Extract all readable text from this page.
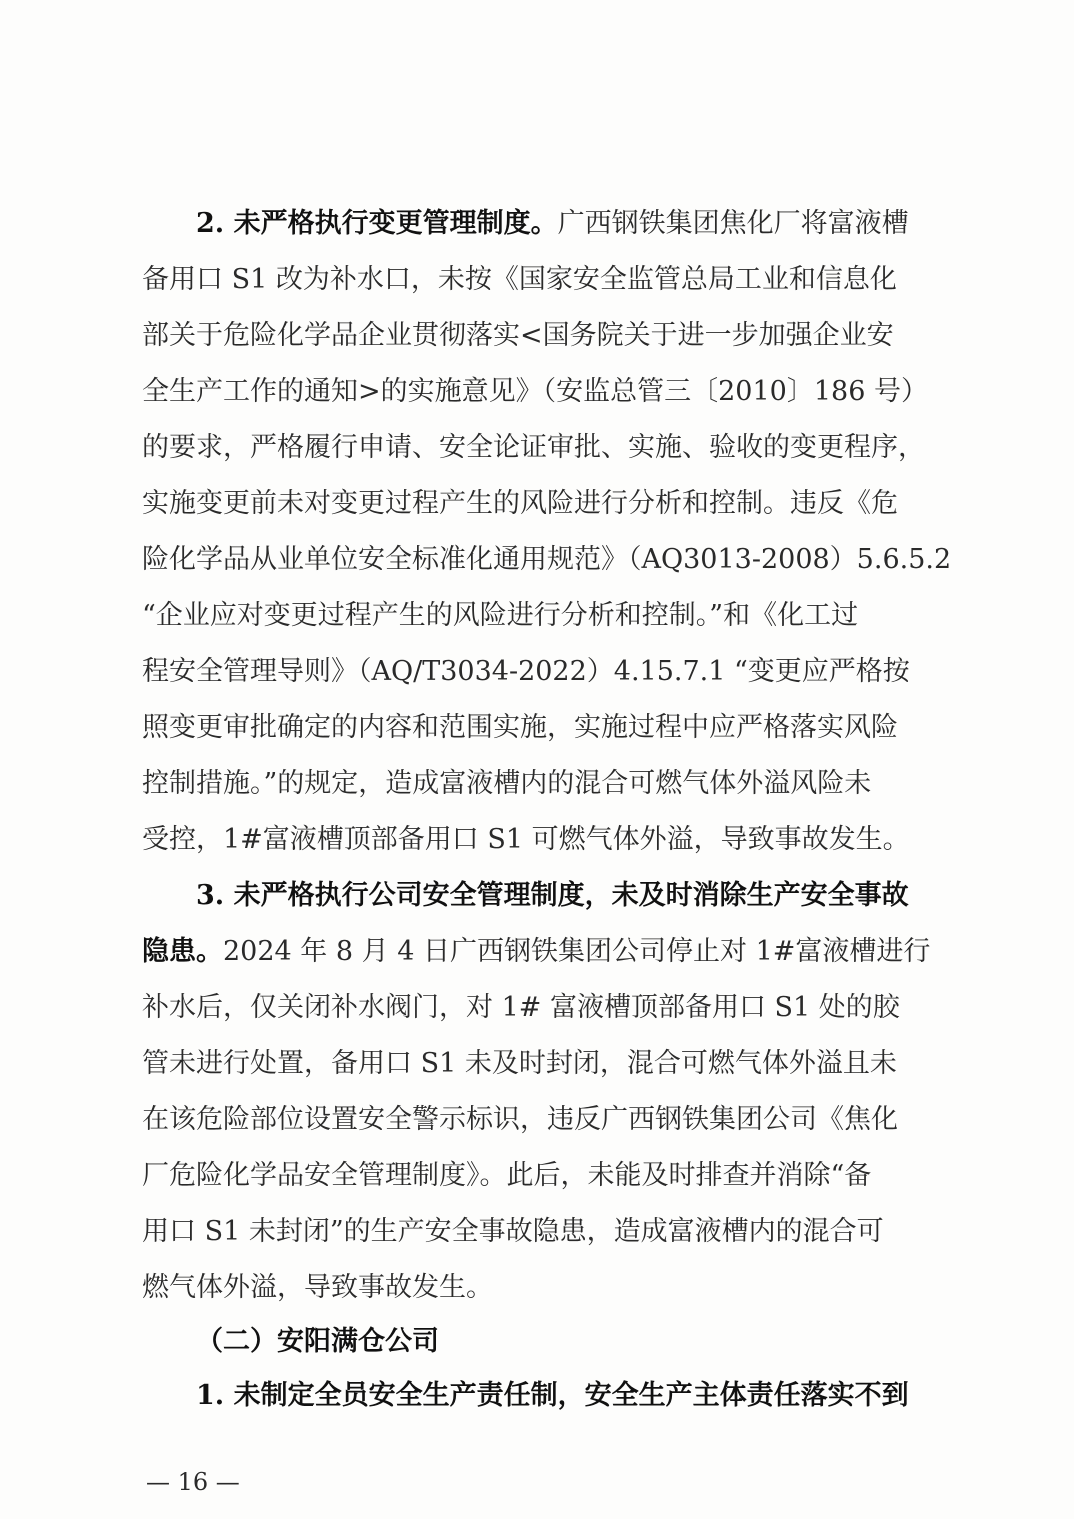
2. 未严格执行变更管理制度。广西钢铁集团焦化厂将富液槽
备用口 S1 改为补水口，未按《国家安全监管总局工业和信息化
部关于危险化学品企业贯彻落实<国务院关于进一步加强企业安
全生产工作的通知>的实施意见》（安监总管三〔2010〕186 号）
的要求，严格履行申请、安全论证审批、实施、验收的变更程序，
实施变更前未对变更过程产生的风险进行分析和控制。违反《危
险化学品从业单位安全标准化通用规范》（AQ3013-2008）5.6.5.2
“企业应对变更过程产生的风险进行分析和控制。”和《化工过
程安全管理导则》（AQ/T3034-2022）4.15.7.1 “变更应严格按
照变更审批确定的内容和范围实施，实施过程中应严格落实风险
控制措施。”的规定，造成富液槽内的混合可燃气体外溢风险未
受控，1#富液槽顶部备用口 S1 可燃气体外溢，导致事故发生。
3. 未严格执行公司安全管理制度，未及时消除生产安全事故
隐患。2024 年 8 月 4 日广西钢铁集团公司停止对 1#富液槽进行
补水后，仅关闭补水阀门，对 1# 富液槽顶部备用口 S1 处的胶
管未进行处置，备用口 S1 未及时封闭，混合可燃气体外溢且未
在该危险部位设置安全警示标识，违反广西钢铁集团公司《焦化
厂危险化学品安全管理制度》。此后，未能及时排查并消除“备
用口 S1 未封闭”的生产安全事故隐患，造成富液槽内的混合可
燃气体外溢，导致事故发生。
（二）安阳满仓公司
1. 未制定全员安全生产责任制，安全生产主体责任落实不到
— 16 —
